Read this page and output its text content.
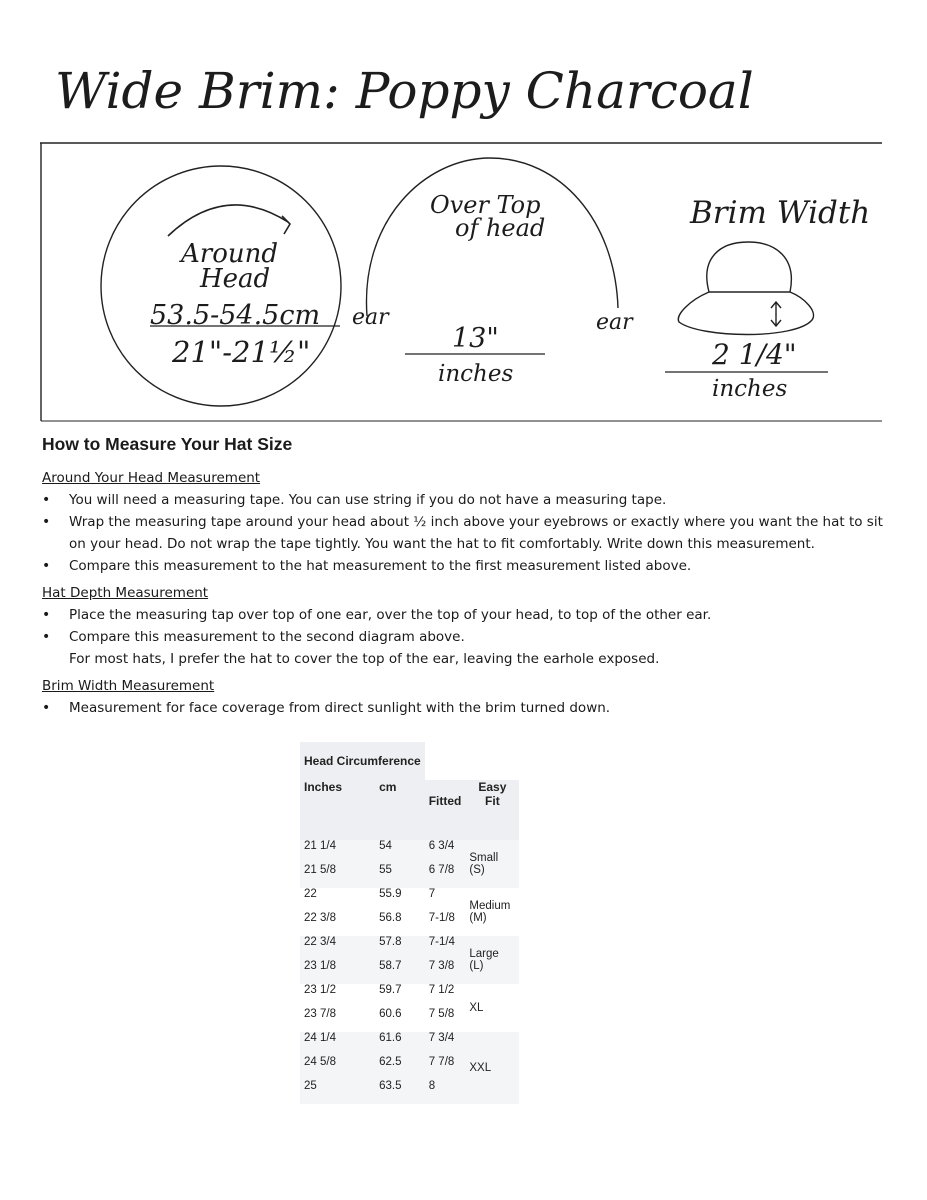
Wide Brim: Poppy Charcoal
Around
Head
53.5-54.5cm
21"-21½"
Over Top
of head
ear	ear
13"
inches
Brim Width
2 1/4"
inches
How to Measure Your Hat Size
Around Your Head Measurement
• You will need a measuring tape. You can use string if you do not have a measuring tape.
• Wrap the measuring tape around your head about ½ inch above your eyebrows or exactly where you want the hat to sit on your head. Do not wrap the tape tightly. You want the hat to fit comfortably. Write down this measurement.
• Compare this measurement to the hat measurement to the first measurement listed above.
Hat Depth Measurement
• Place the measuring tap over top of one ear, over the top of your head, to top of the other ear.
• Compare this measurement to the second diagram above.
For most hats, I prefer the hat to cover the top of the ear, leaving the earhole exposed.
Brim Width Measurement
• Measurement for face coverage from direct sunlight with the brim turned down.
Head Circumference			
Inches	cm	Fitted	Easy Fit
21 1/4	54	6 3/4	Small (S)
21 5/8	55	6 7/8	
22	55.9	7	Medium (M)
22 3/8	56.8	7-1/8	
22 3/4	57.8	7-1/4	Large (L)
23 1/8	58.7	7 3/8	
23 1/2	59.7	7 1/2	XL
23 7/8	60.6	7 5/8	
24 1/4	61.6	7 3/4	XXL
24 5/8	62.5	7 7/8	
25	63.5	8	
